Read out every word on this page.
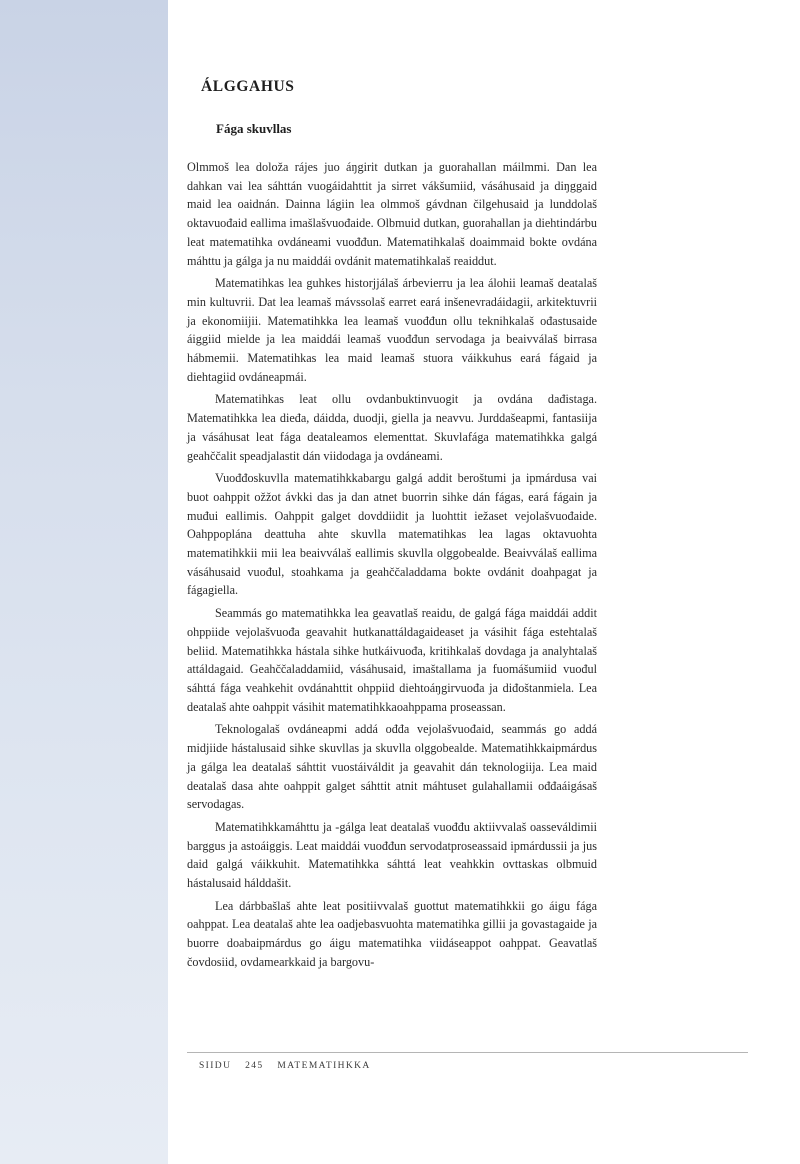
ÁLGGAHUS
Fága skuvllas

Olmmoš lea doloža rájes juo áŋgirit dutkan ja guorahallan máilmmi. Dan lea dahkan vai lea sáhttán vuogáidahttit ja sirret vákšumiid, vásáhusaid ja diŋggaid maid lea oaidnán. Dainna lágiin lea olmmoš gávdnan čilgehusaid ja lunddolaš oktavuođaid eallima imašlašvuođaide. Olbmuid dutkan, guorahallan ja diehtindárbu leat matematihka ovdáneami vuođđun. Matematihkalaš doaimmaid bokte ovdána máhttu ja gálga ja nu maiddái ovdánit matematihkalaš reaiddut.

Matematihkas lea guhkes historjjálaš árbevierru ja lea álohii leamaš deatalaš min kultuvrii. Dat lea leamaš mávssolaš earret eará inšenevradáidagii, arkitektuvrii ja ekonomiijii. Matematihkka lea leamaš vuođđun ollu teknihkalaš ođastusaide áiggiid mielde ja lea maiddái leamaš vuođđun servodaga ja beaivválaš birrasa hábmemii. Matematihkas lea maid leamaš stuora váikkuhus eará fágaid ja diehtagiid ovdáneapmái.

Matematihkas leat ollu ovdanbuktinvuogit ja ovdána dađistaga. Matematihkka lea dieđa, dáidda, duodji, giella ja neavvu. Jurddašeapmi, fantasiija ja vásáhusat leat fága deataleamos elementtat. Skuvlafága matematihkka galgá geahččalit speadjalastit dán viidodaga ja ovdáneami.

Vuođđoskuvlla matematihkkabargu galgá addit beroštumi ja ipmárdusa vai buot oahppit ožžot ávkki das ja dan atnet buorrin sihke dán fágas, eará fágain ja muđui eallimis. Oahppit galget dovddiidit ja luohttit iežaset vejolašvuođaide. Oahppoplána deattuha ahte skuvlla matematihkas lea lagas oktavuohta matematihkkii mii lea beaivválaš eallimis skuvlla olggobealde. Beaivválaš eallima vásáhusaid vuođul, stoahkama ja geahččaladdama bokte ovdánit doahpagat ja fágagiella.

Seammás go matematihkka lea geavatlaš reaidu, de galgá fága maiddái addit ohppiide vejolašvuođa geavahit hutkanattáldagaideaset ja vásihit fága estehtalaš beliid. Matematihkka hástala sihke hutkáivuođa, kritihkalaš dovdaga ja analyhtalaš attáldagaid. Geahččaladdamiid, vásáhusaid, imaštallama ja fuomášumiid vuođul sáhttá fága veahkehit ovdánahttit ohppiid diehtoáŋgirvuođa ja diđoštanmiela. Lea deatalaš ahte oahppit vásihit matematihkkaoahppama proseassan.

Teknologalaš ovdáneapmi addá ođđa vejolašvuođaid, seammás go addá midjiide hástalusaid sihke skuvllas ja skuvlla olggobealde. Matematihkkaipmárdus ja gálga lea deatalaš sáhttit vuostáiváldit ja geavahit dán teknologiija. Lea maid deatalaš dasa ahte oahppit galget sáhttit atnit máhtuset gulahallamii ođđaáigásaš servodagas.

Matematihkkamáhttu ja -gálga leat deatalaš vuođđu aktiivvalaš oasseváldimii barggus ja astoáiggis. Leat maiddái vuođđun servodatproseassaid ipmárdussii ja jus daid galgá váikkuhit. Matematihkka sáhttá leat veahkkin ovttaskas olbmuid hástalusaid hálddašit.

Lea dárbbašlaš ahte leat positiivvalaš guottut matematihkkii go áigu fága oahppat. Lea deatalaš ahte lea oadjebasvuohta matematihka gillii ja govastagaide ja buorre doabaipmárdus go áigu matematihka viidáseappot oahppat. Geavatlaš čovdosiid, ovdamearkkaid ja bargovu-

SIIDU 245 MATEMATIHKKA
